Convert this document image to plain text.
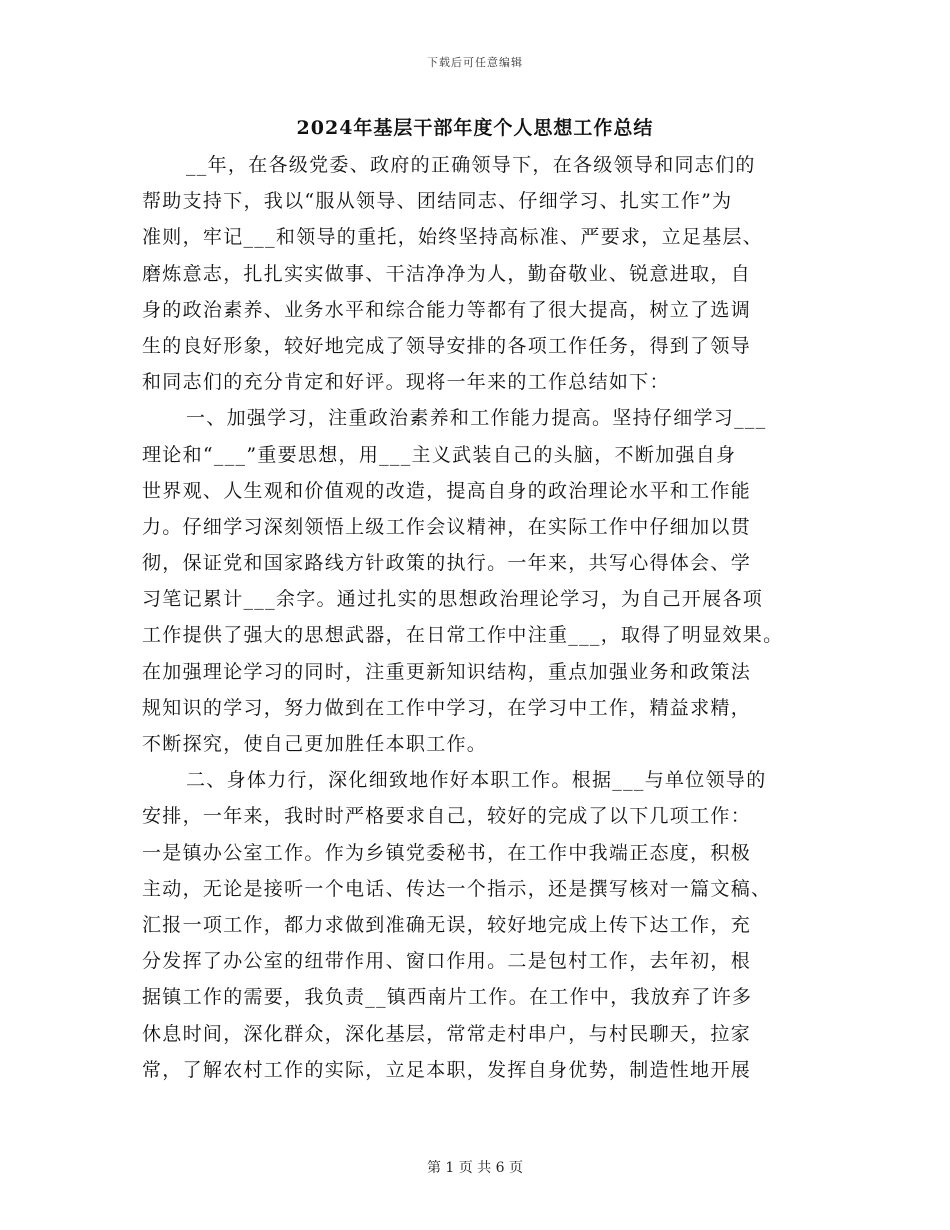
下载后可任意编辑
2024年基层干部年度个人思想工作总结
__年，在各级党委、政府的正确领导下，在各级领导和同志们的
帮助支持下，我以“服从领导、团结同志、仔细学习、扎实工作”为
准则，牢记___和领导的重托，始终坚持高标准、严要求，立足基层、
磨炼意志，扎扎实实做事、干洁净净为人，勤奋敬业、锐意进取，自
身的政治素养、业务水平和综合能力等都有了很大提高，树立了选调
生的良好形象，较好地完成了领导安排的各项工作任务，得到了领导
和同志们的充分肯定和好评。现将一年来的工作总结如下：
一、加强学习，注重政治素养和工作能力提高。坚持仔细学习___
理论和“___”重要思想，用___主义武装自己的头脑，不断加强自身
世界观、人生观和价值观的改造，提高自身的政治理论水平和工作能
力。仔细学习深刻领悟上级工作会议精神，在实际工作中仔细加以贯
彻，保证党和国家路线方针政策的执行。一年来，共写心得体会、学
习笔记累计___余字。通过扎实的思想政治理论学习，为自己开展各项
工作提供了强大的思想武器，在日常工作中注重___，取得了明显效果。
在加强理论学习的同时，注重更新知识结构，重点加强业务和政策法
规知识的学习，努力做到在工作中学习，在学习中工作，精益求精，
不断探究，使自己更加胜任本职工作。
二、身体力行，深化细致地作好本职工作。根据___与单位领导的
安排，一年来，我时时严格要求自己，较好的完成了以下几项工作：
一是镇办公室工作。作为乡镇党委秘书，在工作中我端正态度，积极
主动，无论是接听一个电话、传达一个指示，还是撰写核对一篇文稿、
汇报一项工作，都力求做到准确无误，较好地完成上传下达工作，充
分发挥了办公室的纽带作用、窗口作用。二是包村工作，去年初，根
据镇工作的需要，我负责__镇西南片工作。在工作中，我放弃了许多
休息时间，深化群众，深化基层，常常走村串户，与村民聊天，拉家
常，了解农村工作的实际，立足本职，发挥自身优势，制造性地开展
第 1 页 共 6 页
